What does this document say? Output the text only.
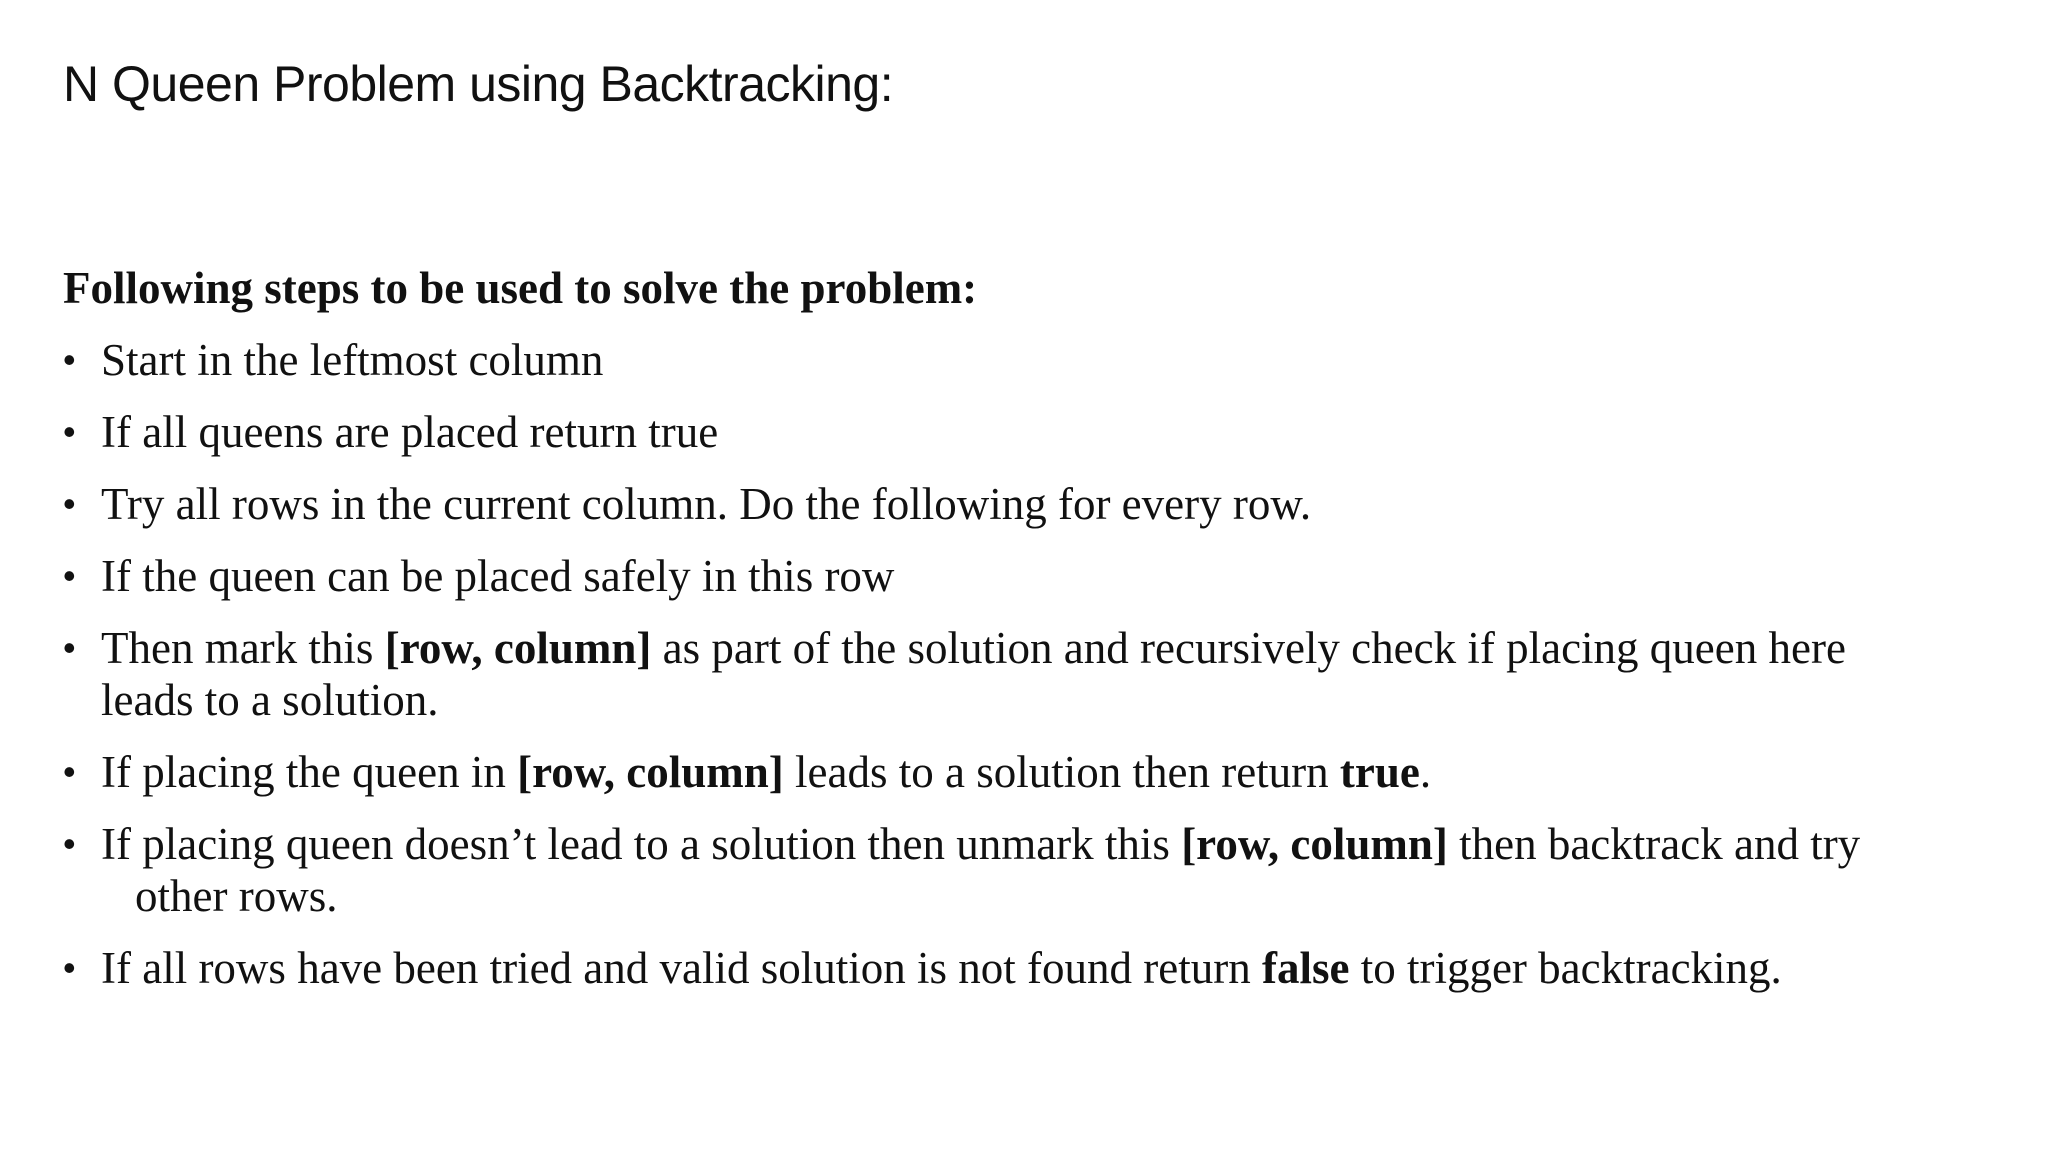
N Queen Problem using Backtracking:
Following steps to be used to solve the problem:
• Start in the leftmost column
• If all queens are placed return true
• Try all rows in the current column. Do the following for every row.
• If the queen can be placed safely in this row
• Then mark this [row, column] as part of the solution and recursively check if placing queen here
leads to a solution.
• If placing the queen in [row, column] leads to a solution then return true.
• If placing queen doesn’t lead to a solution then unmark this [row, column] then backtrack and try
other rows.
• If all rows have been tried and valid solution is not found return false to trigger backtracking.
